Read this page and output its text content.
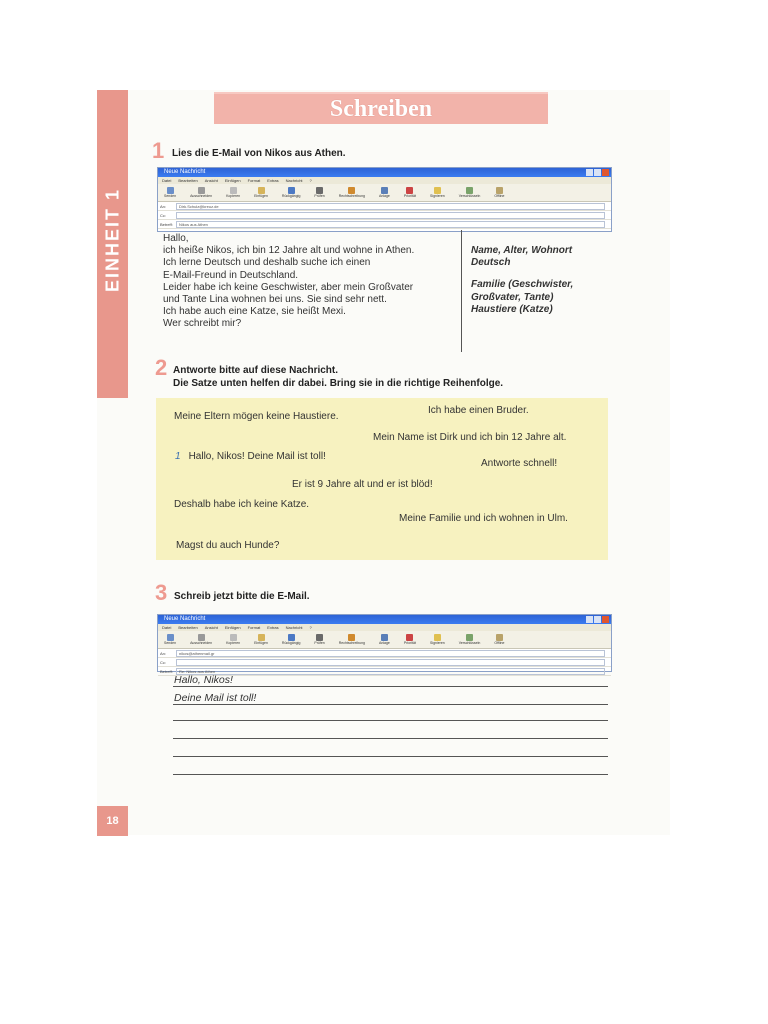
EINHEIT 1
18
Schreiben
1 Lies die E-Mail von Nikos aus Athen.
Neue Nachricht
Datei Bearbeiten Ansicht Einfügen Format Extras Nachricht ?
Senden	Ausschneiden	Kopieren	Einfügen	Rückgängig	Prüfen	Rechtschreibung	Anlage	Priorität	Signieren	Verschlüsseln	Offline
An:	Dirk.Schulz@kreuz.de
Cc:
Betreff:	Nikos aus Athen
Hallo,
ich heiße Nikos, ich bin 12 Jahre alt und wohne in Athen.
Ich lerne Deutsch und deshalb suche ich einen
E-Mail-Freund in Deutschland.
Leider habe ich keine Geschwister, aber mein Großvater
und Tante Lina wohnen bei uns. Sie sind sehr nett.
Ich habe auch eine Katze, sie heißt Mexi.
Wer schreibt mir?
Name, Alter, Wohnort
Deutsch
Familie (Geschwister,
Großvater, Tante)
Haustiere (Katze)
2 Antworte bitte auf diese Nachricht.
Die Satze unten helfen dir dabei. Bring sie in die richtige Reihenfolge.
Meine Eltern mögen keine Haustiere.
Ich habe einen Bruder.
Mein Name ist Dirk und ich bin 12 Jahre alt.
1 Hallo, Nikos! Deine Mail ist toll!
Antworte schnell!
Er ist 9 Jahre alt und er ist blöd!
Deshalb habe ich keine Katze.
Meine Familie und ich wohnen in Ulm.
Magst du auch Hunde?
3 Schreib jetzt bitte die E-Mail.
Neue Nachricht
Datei Bearbeiten Ansicht Einfügen Format Extras Nachricht ?
Senden	Ausschneiden	Kopieren	Einfügen	Rückgängig	Prüfen	Rechtschreibung	Anlage	Priorität	Signieren	Verschlüsseln	Offline
An:	nikos@athenmail.gr
Cc:
Betreff:	Re: Nikos aus Athen
Hallo, Nikos!
Deine Mail ist toll!
